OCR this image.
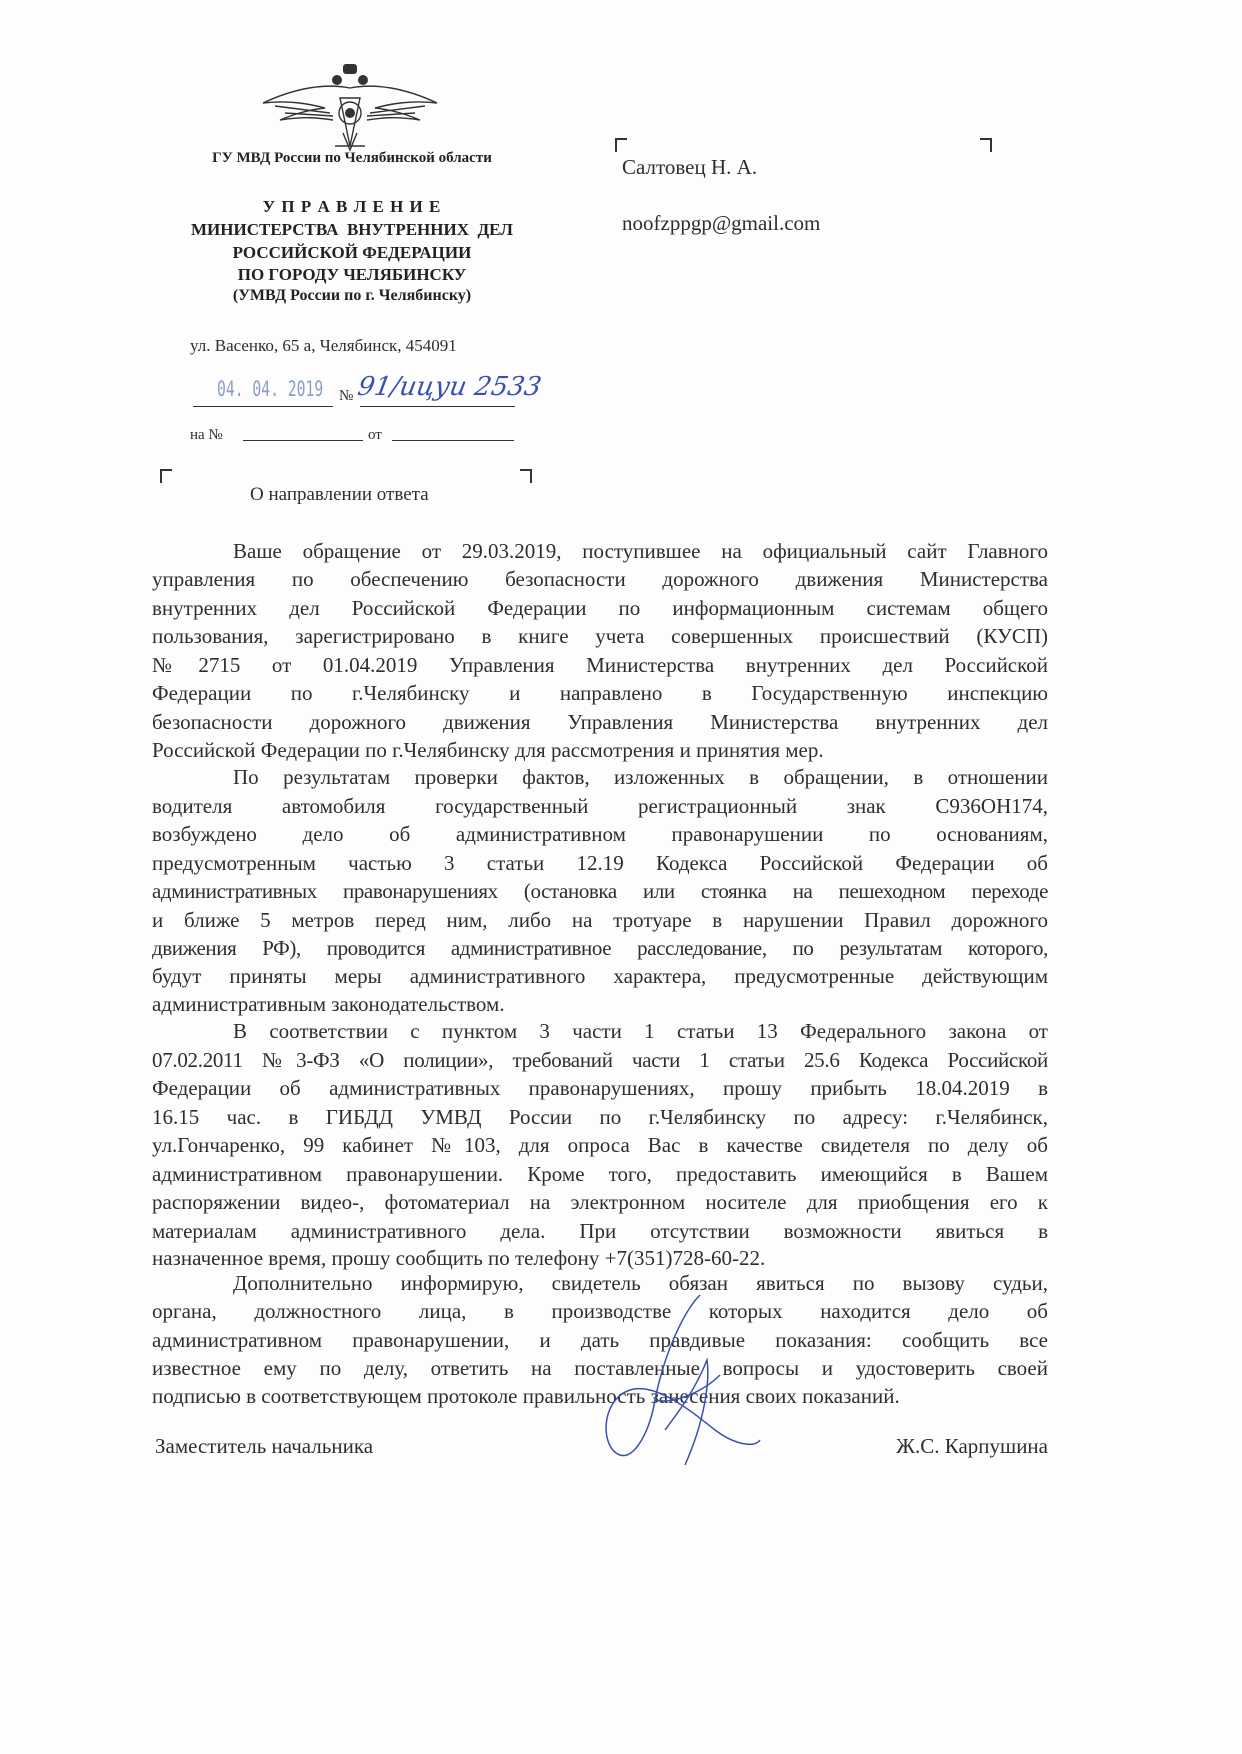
ГУ МВД России по Челябинской области
У П Р А В Л Е Н И Е
МИНИСТЕРСТВА  ВНУТРЕННИХ  ДЕЛ
РОССИЙСКОЙ ФЕДЕРАЦИИ
ПО ГОРОДУ ЧЕЛЯБИНСКУ
(УМВД России по г. Челябинску)
ул. Васенко, 65 а, Челябинск, 454091
04. 04. 2019 № 91/ицуи 2533
на №	от
О направлении ответа
Салтовец Н. А.
noofzppgp@gmail.com
Ваше обращение от 29.03.2019, поступившее на официальный сайт Главного
управления по обеспечению безопасности дорожного движения Министерства
внутренних дел Российской Федерации по информационным системам общего
пользования, зарегистрировано в книге учета совершенных происшествий (КУСП)
№2715 от 01.04.2019 Управления Министерства внутренних дел Российской
Федерации по г.Челябинску и направлено в Государственную инспекцию
безопасности дорожного движения Управления Министерства внутренних дел
Российской Федерации по г.Челябинску для рассмотрения и принятия мер.
По результатам проверки фактов, изложенных в обращении, в отношении
водителя автомобиля государственный регистрационный знак С936ОН174,
возбуждено дело об административном правонарушении по основаниям,
предусмотренным частью 3 статьи 12.19 Кодекса Российской Федерации об
административных правонарушениях (остановка или стоянка на пешеходном переходе
и ближе 5 метров перед ним, либо на тротуаре в нарушении Правил дорожного
движения РФ), проводится административное расследование, по результатам которого,
будут приняты меры административного характера, предусмотренные действующим
административным законодательством.
В соответствии с пунктом 3 части 1 статьи 13 Федерального закона от
07.02.2011 №3-ФЗ «О полиции», требований части 1 статьи 25.6 Кодекса Российской
Федерации об административных правонарушениях, прошу прибыть 18.04.2019 в
16.15 час. в ГИБДД УМВД России по г.Челябинску по адресу: г.Челябинск,
ул.Гончаренко, 99 кабинет №103, для опроса Вас в качестве свидетеля по делу об
административном правонарушении. Кроме того, предоставить имеющийся в Вашем
распоряжении видео-, фотоматериал на электронном носителе для приобщения его к
материалам административного дела. При отсутствии возможности явиться в
назначенное время, прошу сообщить по телефону +7(351)728-60-22.
Дополнительно информирую, свидетель обязан явиться по вызову судьи,
органа, должностного лица, в производстве которых находится дело об
административном правонарушении, и дать правдивые показания: сообщить все
известное ему по делу, ответить на поставленные вопросы и удостоверить своей
подписью в соответствующем протоколе правильность занесения своих показаний.
Заместитель начальника	Ж.С. Карпушина
